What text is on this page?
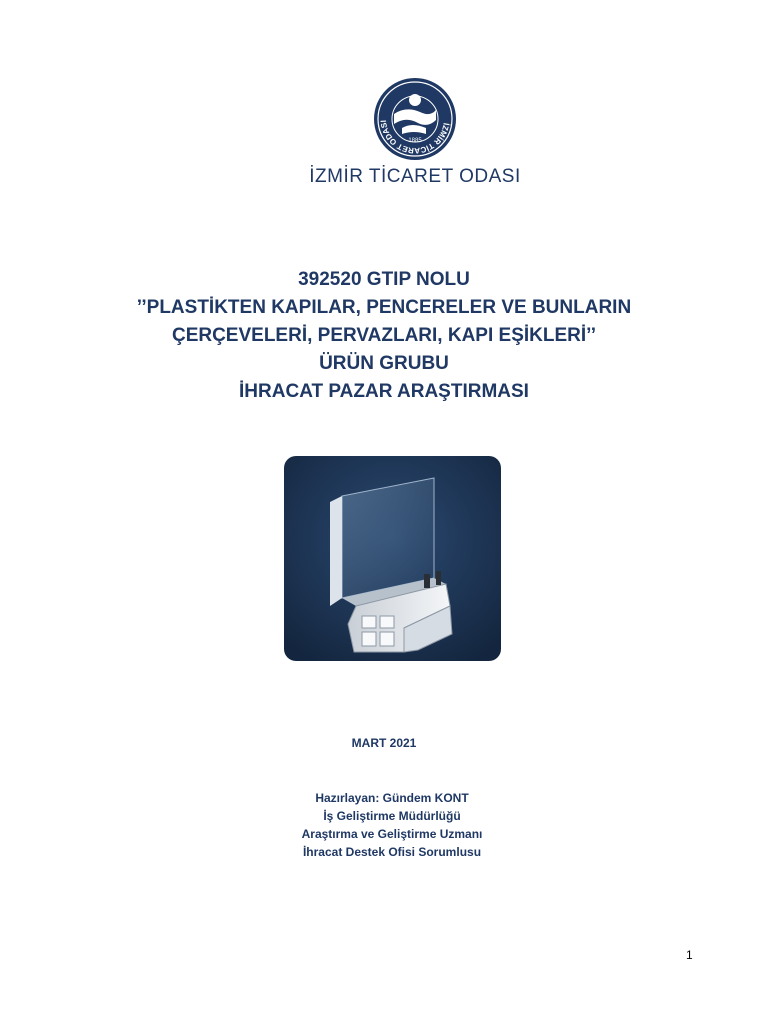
İZMİR TİCARET ODASI
1885
İZMİR TİCARET ODASI
392520 GTIP NOLU
’’PLASTİKTEN KAPILAR, PENCERELER VE BUNLARIN
ÇERÇEVELERİ, PERVAZLARI, KAPI EŞİKLERİ’’
ÜRÜN GRUBU
İHRACAT PAZAR ARAŞTIRMASI
MART 2021
Hazırlayan: Gündem KONT
İş Geliştirme Müdürlüğü
Araştırma ve Geliştirme Uzmanı
İhracat Destek Ofisi Sorumlusu
1
